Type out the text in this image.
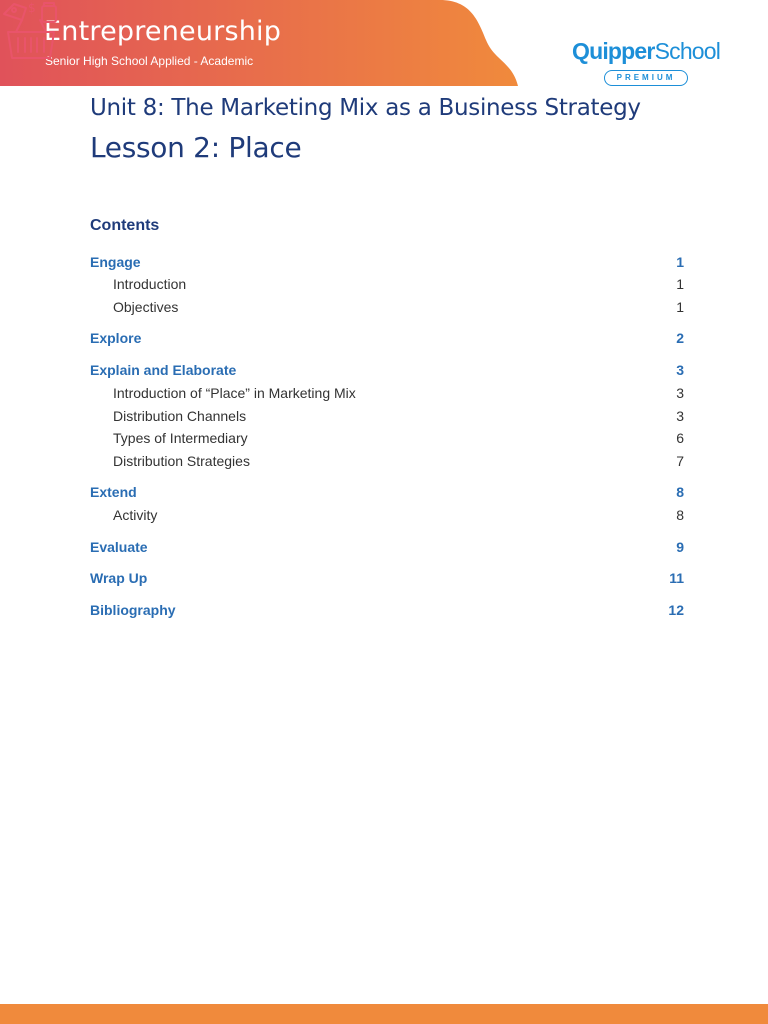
Entrepreneurship
Senior High School Applied - Academic
$
QuipperSchool
PREMIUM
Unit 8: The Marketing Mix as a Business Strategy
Lesson 2: Place
Contents
Engage	1
Introduction	1
Objectives	1
Explore	2
Explain and Elaborate	3
Introduction of “Place” in Marketing Mix	3
Distribution Channels	3
Types of Intermediary	6
Distribution Strategies	7
Extend	8
Activity	8
Evaluate	9
Wrap Up	11
Bibliography	12
